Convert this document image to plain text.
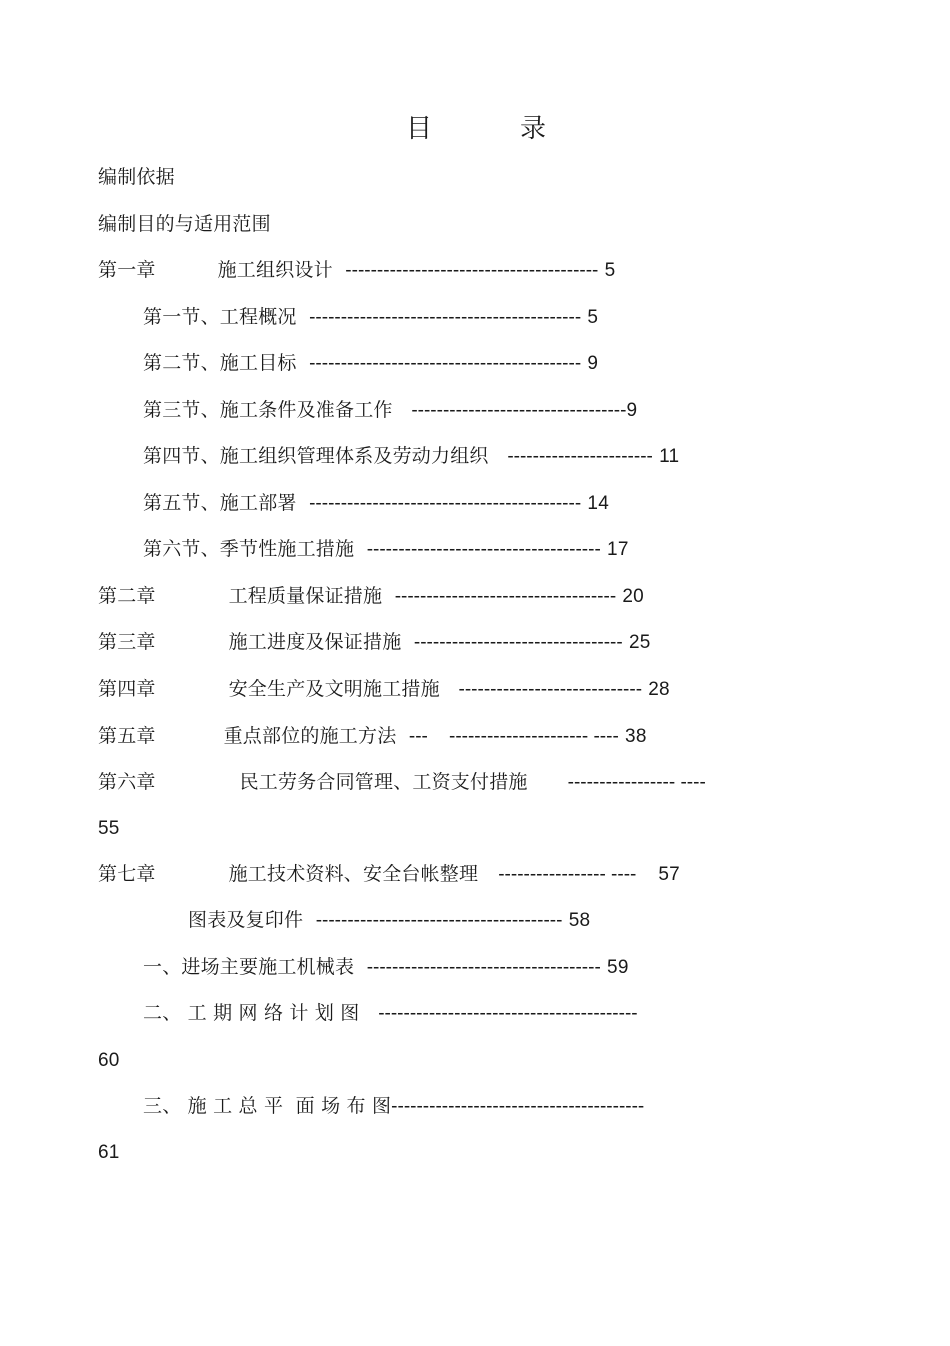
目	录
编制依据
编制目的与适用范围
第一章	施工组织设计 ---------------------------------------- 5
第一节、工程概况 ------------------------------------------- 5
第二节、施工目标 ------------------------------------------- 9
第三节、施工条件及准备工作 ----------------------------------9
第四节、施工组织管理体系及劳动力组织 ----------------------- 11
第五节、施工部署 ------------------------------------------- 14
第六节、季节性施工措施 ------------------------------------- 17
第二章	工程质量保证措施 ----------------------------------- 20
第三章	施工进度及保证措施 --------------------------------- 25
第四章	安全生产及文明施工措施 ----------------------------- 28
第五章	重点部位的施工方法 ---    ---------------------- ---- 38
第六章	民工劳务合同管理、工资支付措施 ----------------- ----
55
第七章	施工技术资料、安全台帐整理 ----------------- ---- 57
图表及复印件 --------------------------------------- 58
一、进场主要施工机械表 ------------------------------------- 59
二、 工 期 网 络 计 划 图 -----------------------------------------
60
三、 施 工 总 平  面 场 布 图----------------------------------------
61
